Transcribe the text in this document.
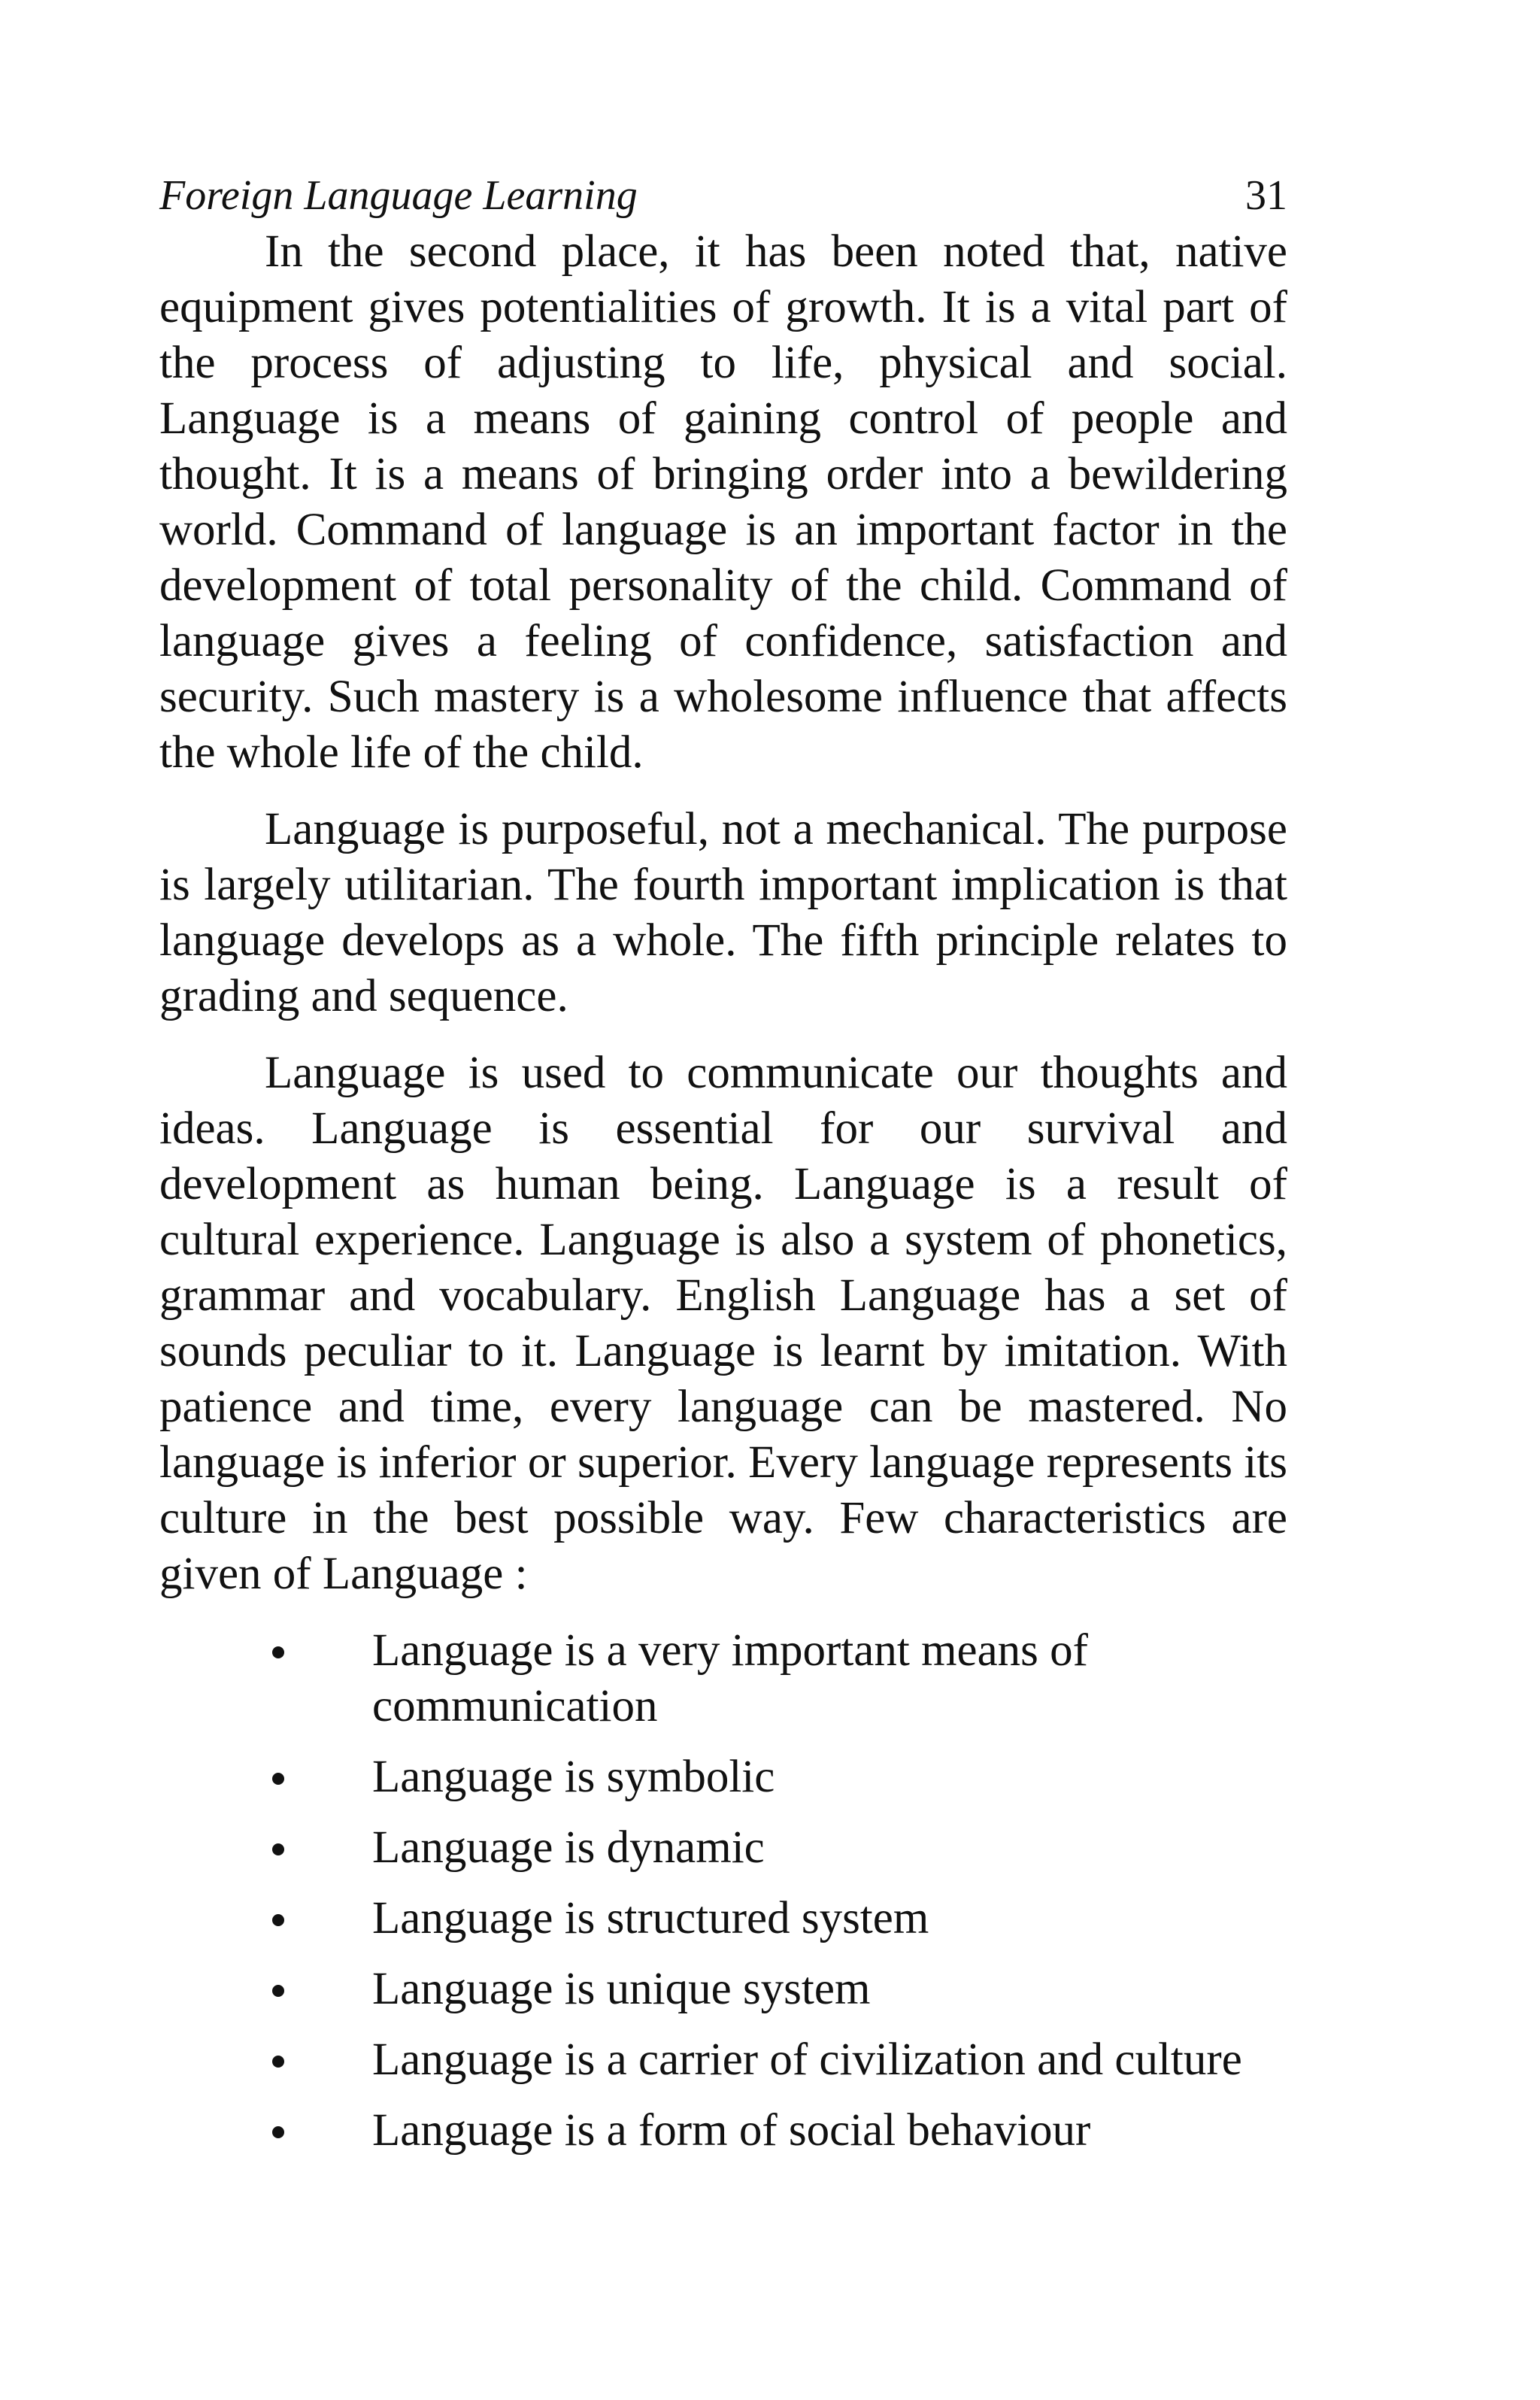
Foreign Language Learning	31

In the second place, it has been noted that, native equipment gives potentialities of growth. It is a vital part of the process of adjusting to life, physical and social. Language is a means of gaining control of people and thought. It is a means of bringing order into a bewildering world. Command of language is an important factor in the development of total personality of the child. Command of language gives a feeling of confidence, satisfaction and security. Such mastery is a wholesome influence that affects the whole life of the child.

Language is purposeful, not a mechanical. The purpose is largely utilitarian. The fourth important implication is that language develops as a whole. The fifth principle relates to grading and sequence.

Language is used to communicate our thoughts and ideas. Language is essential for our survival and development as human being. Language is a result of cultural experience. Language is also a system of phonetics, grammar and vocabulary. English Language has a set of sounds peculiar to it. Language is learnt by imitation. With patience and time, every language can be mastered. No language is inferior or superior. Every language represents its culture in the best possible way. Few characteristics are given of Language :

Language is a very important means of communication
Language is symbolic
Language is dynamic
Language is structured system
Language is unique system
Language is a carrier of civilization and culture
Language is a form of social behaviour
